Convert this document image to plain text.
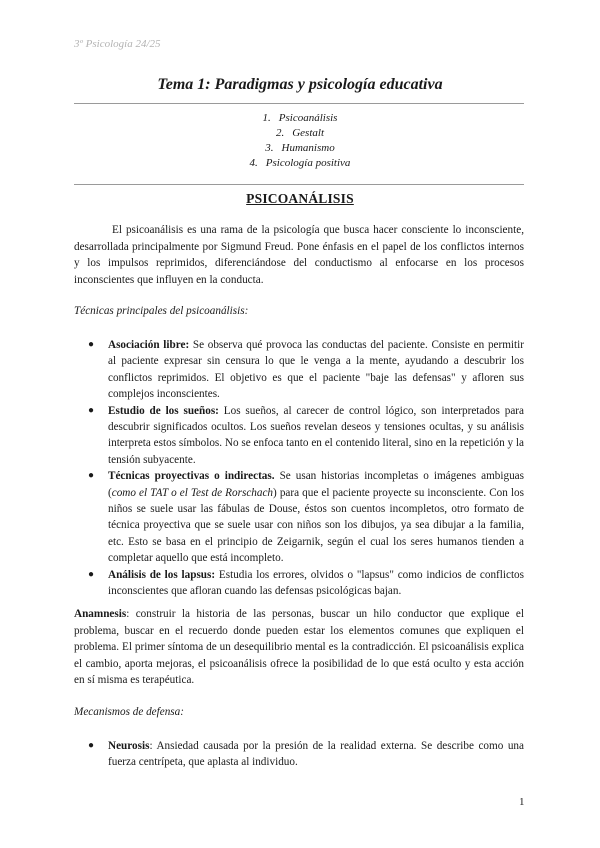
3º Psicología 24/25
Tema 1: Paradigmas y psicología educativa
1. Psicoanálisis
2. Gestalt
3. Humanismo
4. Psicología positiva
PSICOANÁLISIS

El psicoanálisis es una rama de la psicología que busca hacer consciente lo inconsciente, desarrollada principalmente por Sigmund Freud. Pone énfasis en el papel de los conflictos internos y los impulsos reprimidos, diferenciándose del conductismo al enfocarse en los procesos inconscientes que influyen en la conducta.

Técnicas principales del psicoanálisis:

● Asociación libre: Se observa qué provoca las conductas del paciente. Consiste en permitir al paciente expresar sin censura lo que le venga a la mente, ayudando a descubrir los conflictos reprimidos. El objetivo es que el paciente "baje las defensas" y afloren sus complejos inconscientes.
● Estudio de los sueños: Los sueños, al carecer de control lógico, son interpretados para descubrir significados ocultos. Los sueños revelan deseos y tensiones ocultas, y su análisis interpreta estos símbolos. No se enfoca tanto en el contenido literal, sino en la repetición y la tensión subyacente.
● Técnicas proyectivas o indirectas. Se usan historias incompletas o imágenes ambiguas (como el TAT o el Test de Rorschach) para que el paciente proyecte su inconsciente. Con los niños se suele usar las fábulas de Douse, éstos son cuentos incompletos, otro formato de técnica proyectiva que se suele usar con niños son los dibujos, ya sea dibujar a la familia, etc. Esto se basa en el principio de Zeigarnik, según el cual los seres humanos tienden a completar aquello que está incompleto.
● Análisis de los lapsus: Estudia los errores, olvidos o "lapsus" como indicios de conflictos inconscientes que afloran cuando las defensas psicológicas bajan.

Anamnesis: construir la historia de las personas, buscar un hilo conductor que explique el problema, buscar en el recuerdo donde pueden estar los elementos comunes que expliquen el problema. El primer síntoma de un desequilibrio mental es la contradicción. El psicoanálisis explica el cambio, aporta mejoras, el psicoanálisis ofrece la posibilidad de lo que está oculto y esta acción en sí misma es terapéutica.

Mecanismos de defensa:

● Neurosis: Ansiedad causada por la presión de la realidad externa. Se describe como una fuerza centrípeta, que aplasta al individuo.
1
